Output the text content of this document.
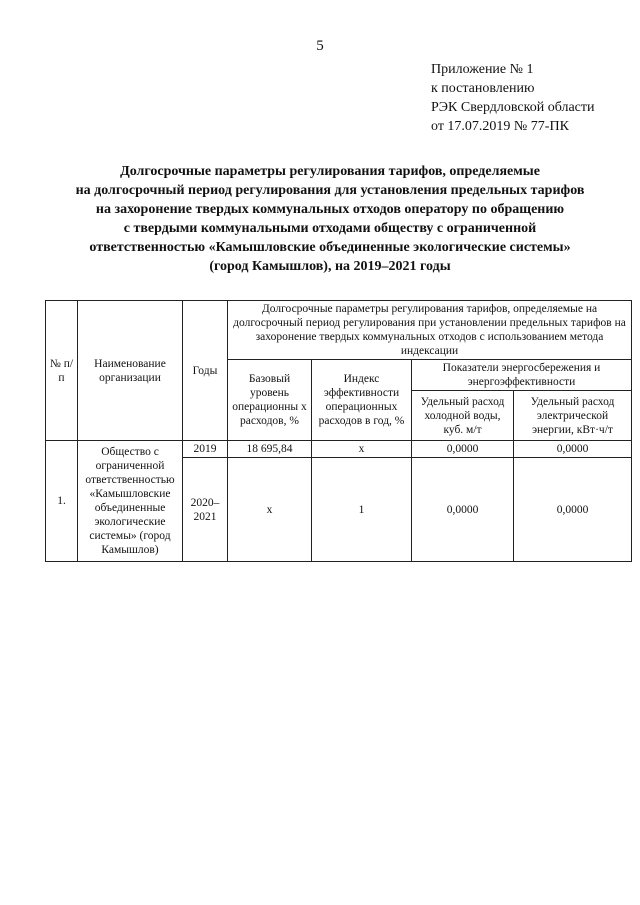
5
Приложение № 1
к постановлению
РЭК Свердловской области
от 17.07.2019 № 77-ПК
Долгосрочные параметры регулирования тарифов, определяемые
на долгосрочный период регулирования для установления предельных тарифов
на захоронение твердых коммунальных отходов оператору по обращению
с твердыми коммунальными отходами обществу с ограниченной
ответственностью «Камышловские объединенные экологические системы»
(город Камышлов), на 2019–2021 годы
№ п/п	Наименование организации	Годы	Долгосрочные параметры регулирования тарифов, определяемые на долгосрочный период регулирования при установлении предельных тарифов на захоронение твердых коммунальных отходов с использованием метода индексации			
			Базовый уровень операционны х расходов, %	Индекс эффективности операционных расходов в год, %	Показатели энергосбережения и энергоэффективности	
					Удельный расход холодной воды, куб. м/т	Удельный расход электрической энергии, кВт·ч/т
1.	Общество с ограниченной ответственностью «Камышловские объединенные экологические системы» (город Камышлов)	2019	18 695,84	x	0,0000	0,0000
		2020–2021	x	1	0,0000	0,0000
